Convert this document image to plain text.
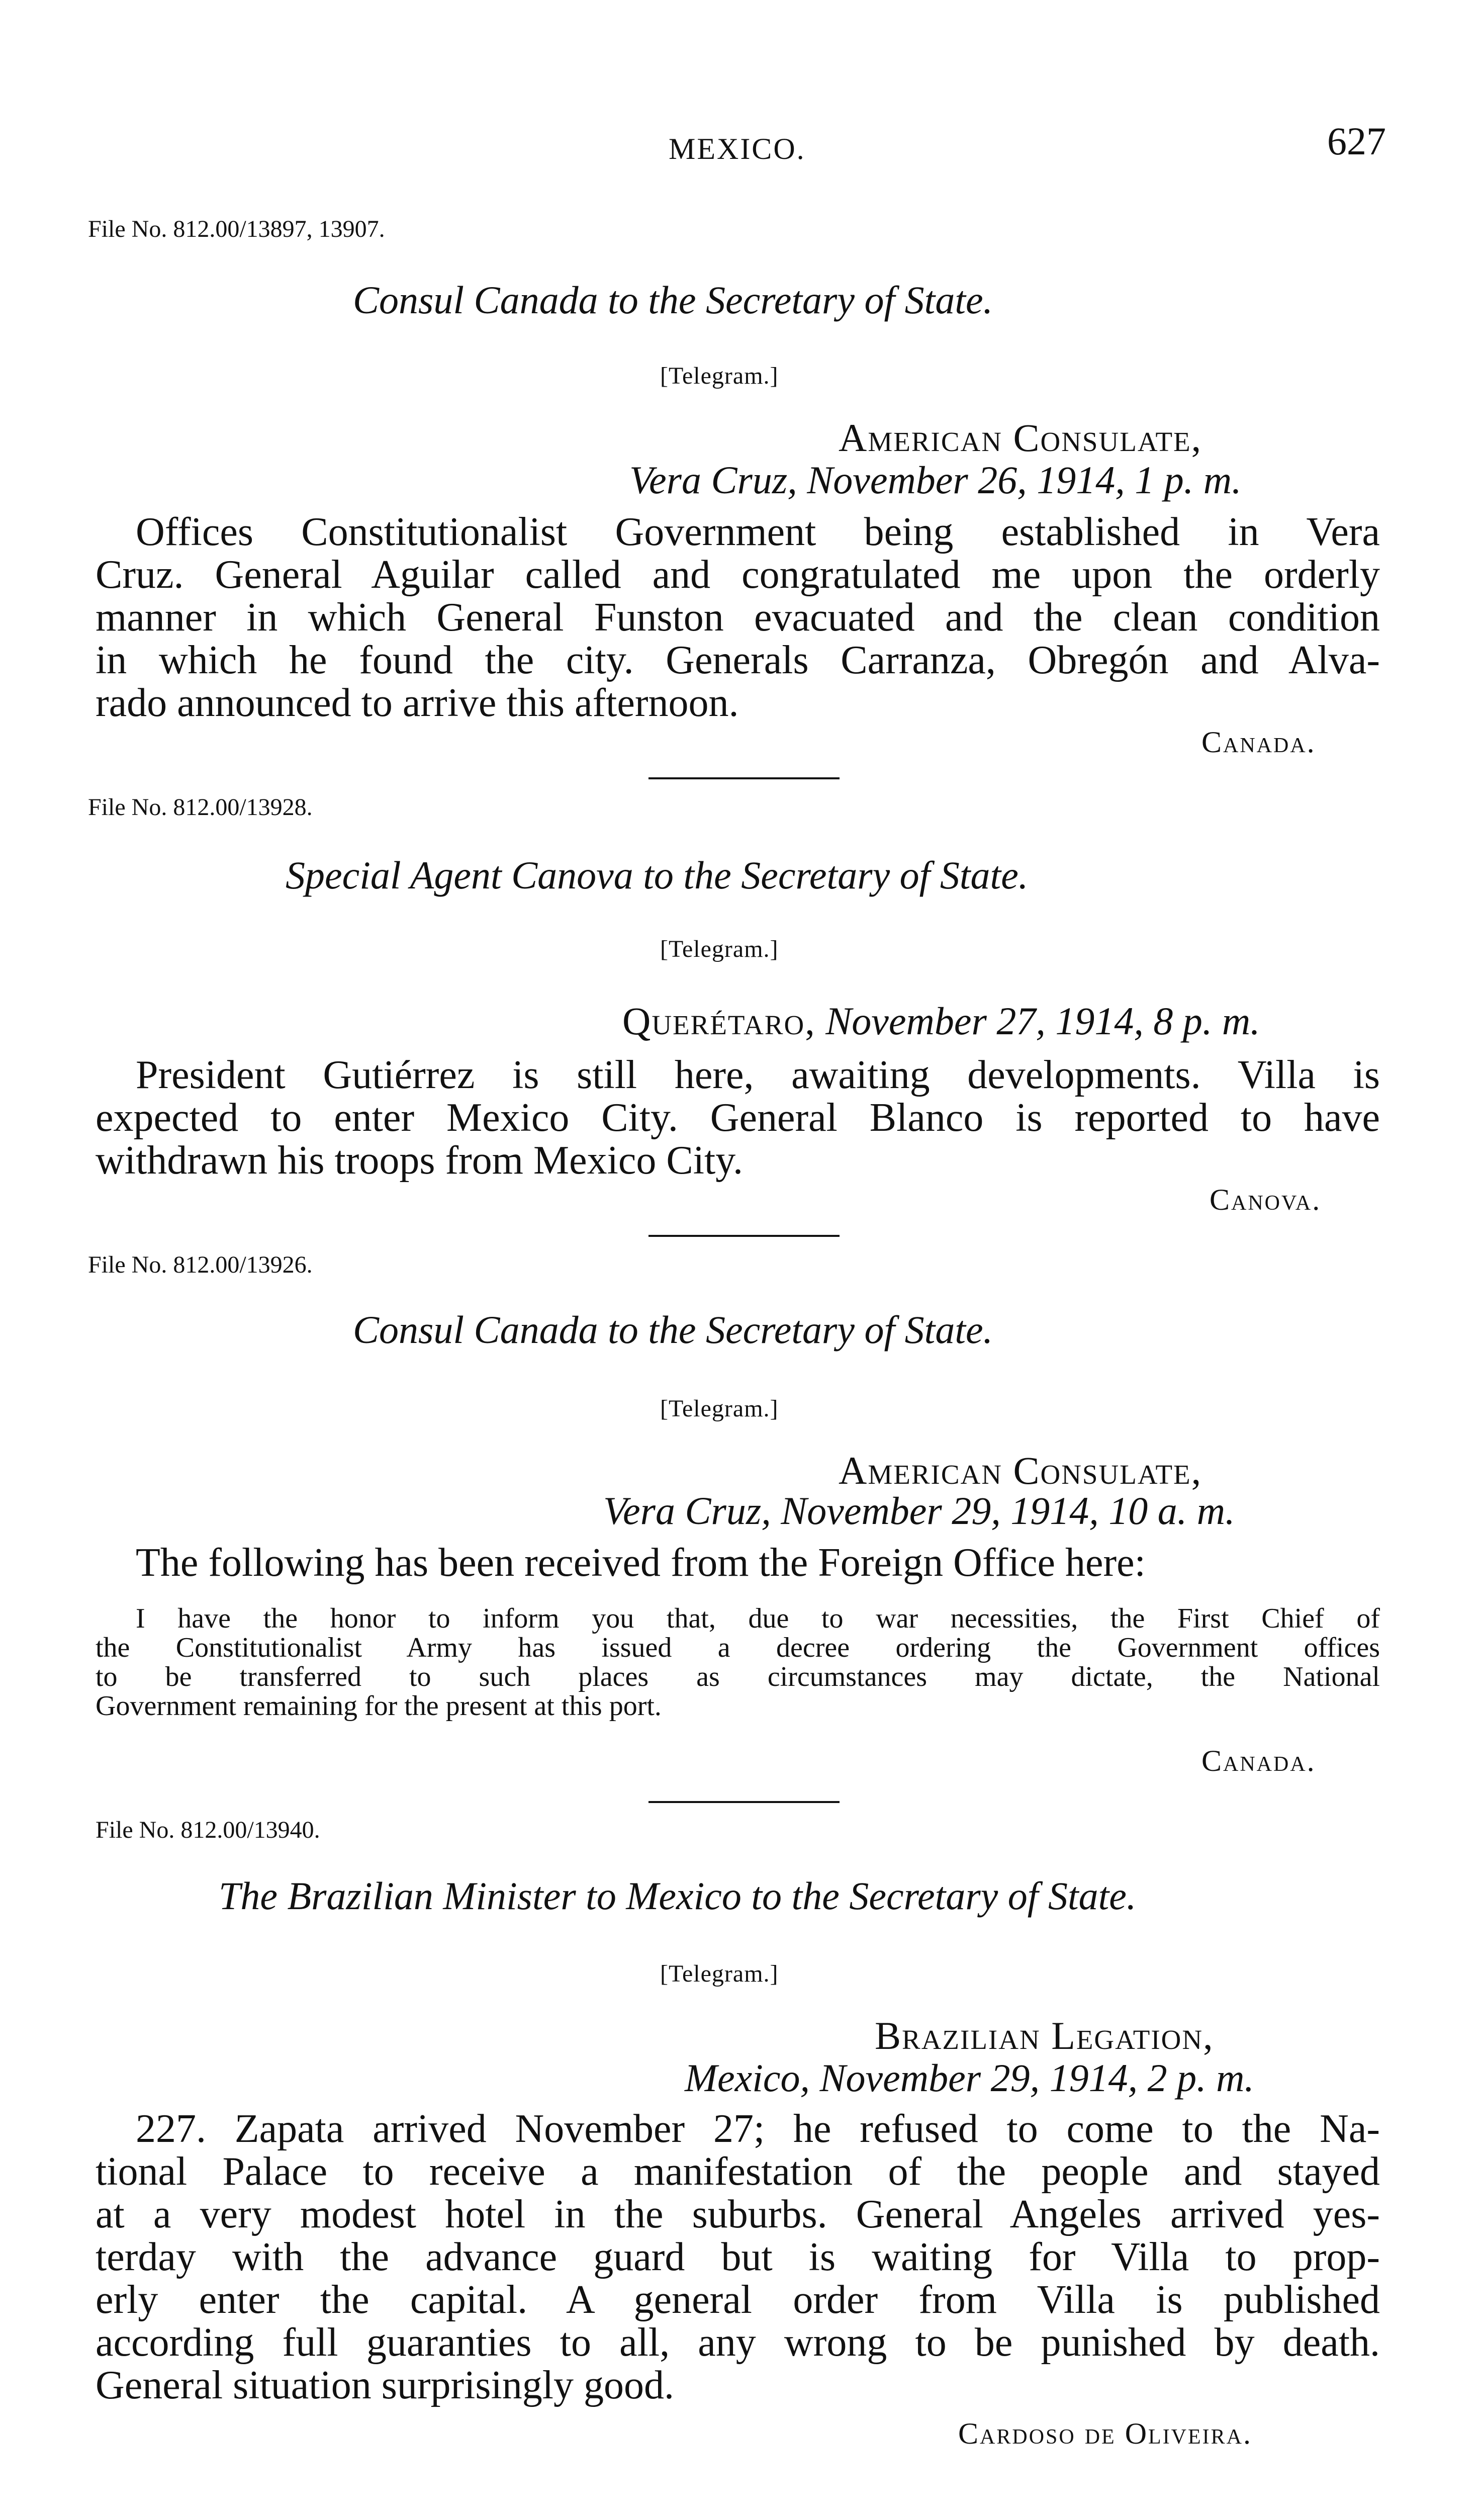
MEXICO.	627
File No. 812.00/13897, 13907.
Consul Canada to the Secretary of State.
[Telegram.]
American Consulate,
Vera Cruz, November 26, 1914, 1 p. m.
Offices Constitutionalist Government being established in Vera
Cruz. General Aguilar called and congratulated me upon the orderly
manner in which General Funston evacuated and the clean condition
in which he found the city. Generals Carranza, Obregón and Alva-
rado announced to arrive this afternoon.
Canada.
File No. 812.00/13928.
Special Agent Canova to the Secretary of State.
[Telegram.]
Querétaro, November 27, 1914, 8 p. m.
President Gutiérrez is still here, awaiting developments. Villa is
expected to enter Mexico City. General Blanco is reported to have
withdrawn his troops from Mexico City.
Canova.
File No. 812.00/13926.
Consul Canada to the Secretary of State.
[Telegram.]
American Consulate,
Vera Cruz, November 29, 1914, 10 a. m.
The following has been received from the Foreign Office here:
I have the honor to inform you that, due to war necessities, the First Chief of
the Constitutionalist Army has issued a decree ordering the Government offices
to be transferred to such places as circumstances may dictate, the National
Government remaining for the present at this port.
Canada.
File No. 812.00/13940.
The Brazilian Minister to Mexico to the Secretary of State.
[Telegram.]
Brazilian Legation,
Mexico, November 29, 1914, 2 p. m.
227. Zapata arrived November 27; he refused to come to the Na-
tional Palace to receive a manifestation of the people and stayed
at a very modest hotel in the suburbs. General Angeles arrived yes-
terday with the advance guard but is waiting for Villa to prop-
erly enter the capital. A general order from Villa is published
according full guaranties to all, any wrong to be punished by death.
General situation surprisingly good.
Cardoso de Oliveira.
